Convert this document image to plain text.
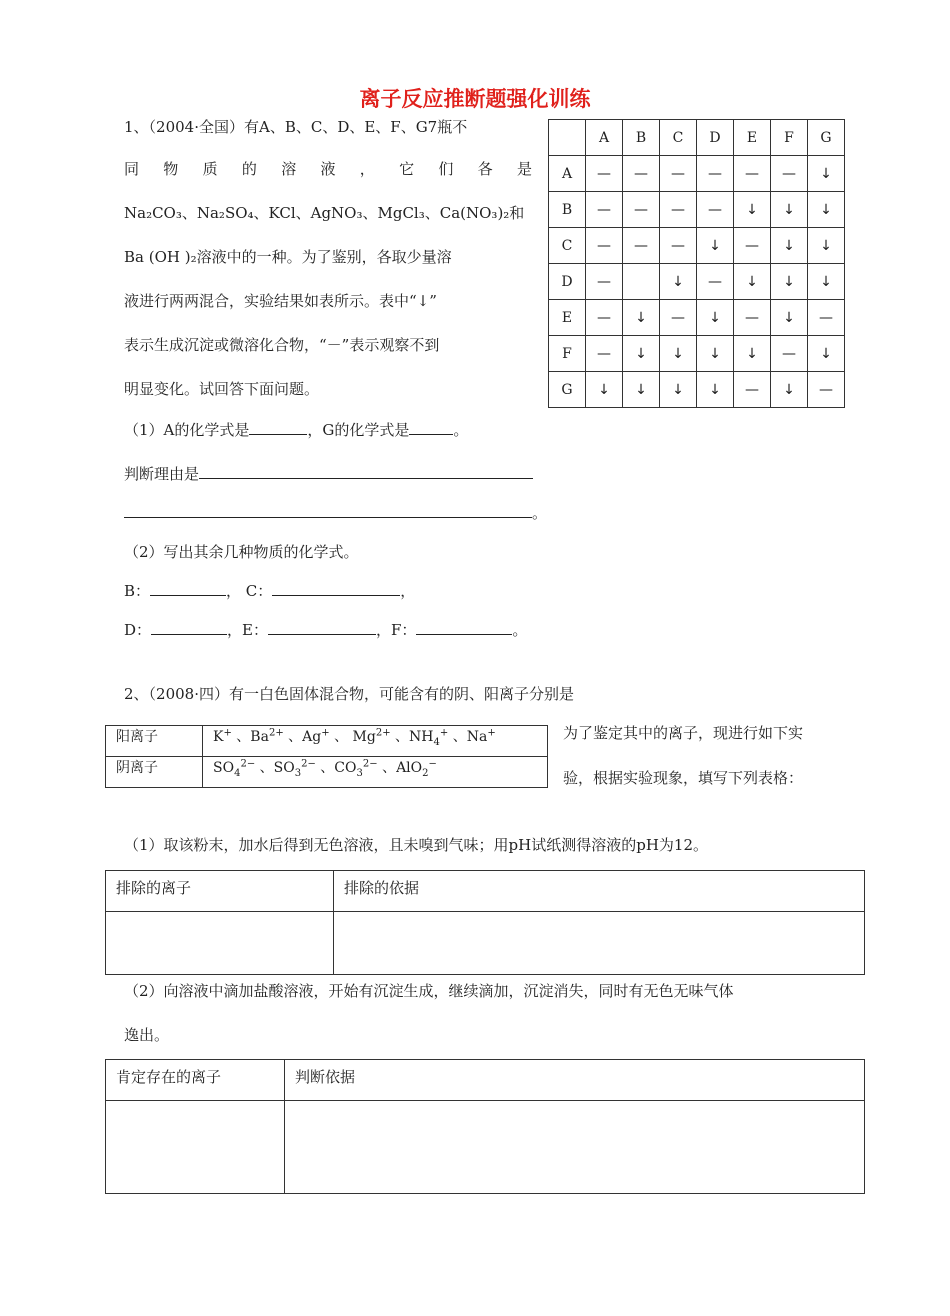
离子反应推断题强化训练
1、（2004·全国）有A、B、C、D、E、F、G7瓶不
同 物 质 的 溶 液 ， 它 们 各 是
Na₂CO₃、Na₂SO₄、KCl、AgNO₃、MgCl₃、Ca(NO₃)₂和
Ba (OH )₂溶液中的一种。为了鉴别，各取少量溶
液进行两两混合，实验结果如表所示。表中“↓”
表示生成沉淀或微溶化合物，“－”表示观察不到
明显变化。试回答下面问题。
（1）A的化学式是	，G的化学式是	。
判断理由是
。
（2）写出其余几种物质的化学式。
B：	， C：	，
D：	，E：	，F：	。
	A	B	C	D	E	F	G
A	—	—	—	—	—	—	↓
B	—	—	—	—	↓	↓	↓
C	—	—	—	↓	—	↓	↓
D	—		↓	—	↓	↓	↓
E	—	↓	—	↓	—	↓	—
F	—	↓	↓	↓	↓	—	↓
G	↓	↓	↓	↓	—	↓	—
2、（2008·四）有一白色固体混合物，可能含有的阴、阳离子分别是
阳离子	K+ 、$Ba^{2+}$ 、Ag+ 、 $Mg^{2+}$ 、$NH_4^+$ 、Na+
阴离子	$SO_4^{2-}$ 、$SO_3^{2-}$ 、$CO_3^{2-}$ 、AlO$_2$−
为了鉴定其中的离子，现进行如下实
验，根据实验现象，填写下列表格：
（1）取该粉末，加水后得到无色溶液，且未嗅到气味；用pH试纸测得溶液的pH为12。
排除的离子	排除的依据

（2）向溶液中滴加盐酸溶液，开始有沉淀生成，继续滴加，沉淀消失，同时有无色无味气体
逸出。
肯定存在的离子	判断依据
